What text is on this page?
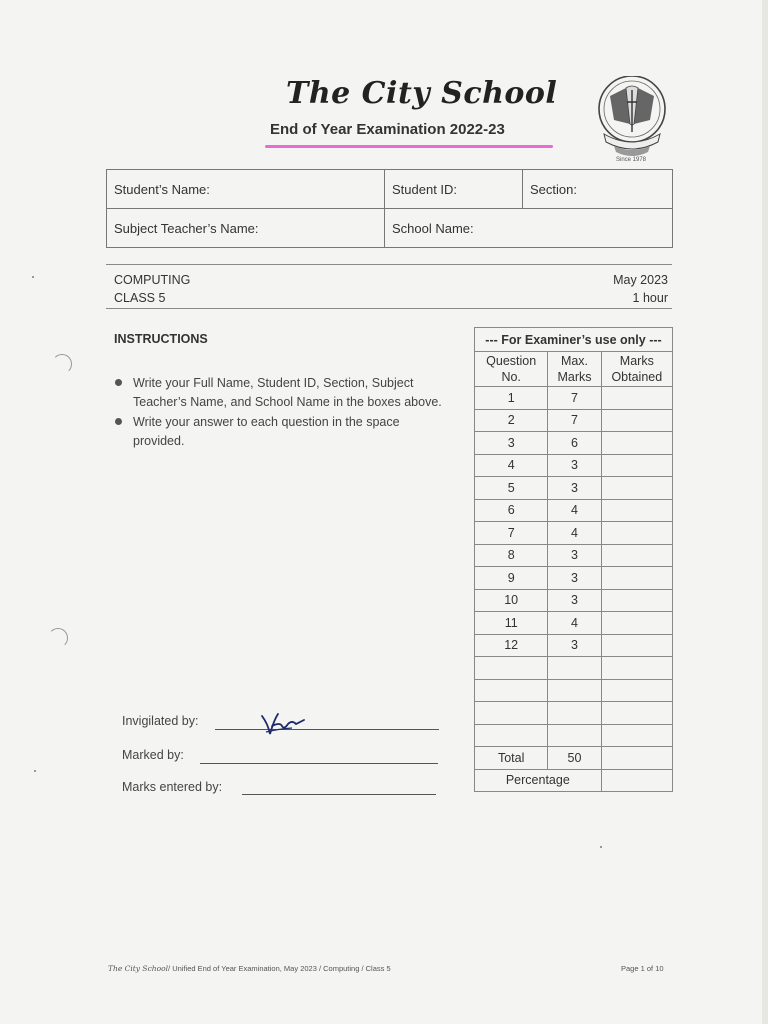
The City School
End of Year Examination 2022-23
Since 1978
Student’s Name:	Student ID:	Section:
Subject Teacher’s Name:	School Name:	
COMPUTING
CLASS 5
May 2023
1 hour
INSTRUCTIONS
Write your Full Name, Student ID, Section, Subject Teacher’s Name, and School Name in the boxes above.
Write your answer to each question in the space provided.
--- For Examiner’s use only ---		
Question No.	Max. Marks	Marks Obtained
1	7	
2	7	
3	6	
4	3	
5	3	
6	4	
7	4	
8	3	
9	3	
10	3	
11	4	
12	3	

Total	50	
Percentage		
Invigilated by:
Marked by:
Marks entered by:
The City School/ Unified End of Year Examination, May 2023 / Computing / Class 5	Page 1 of 10
